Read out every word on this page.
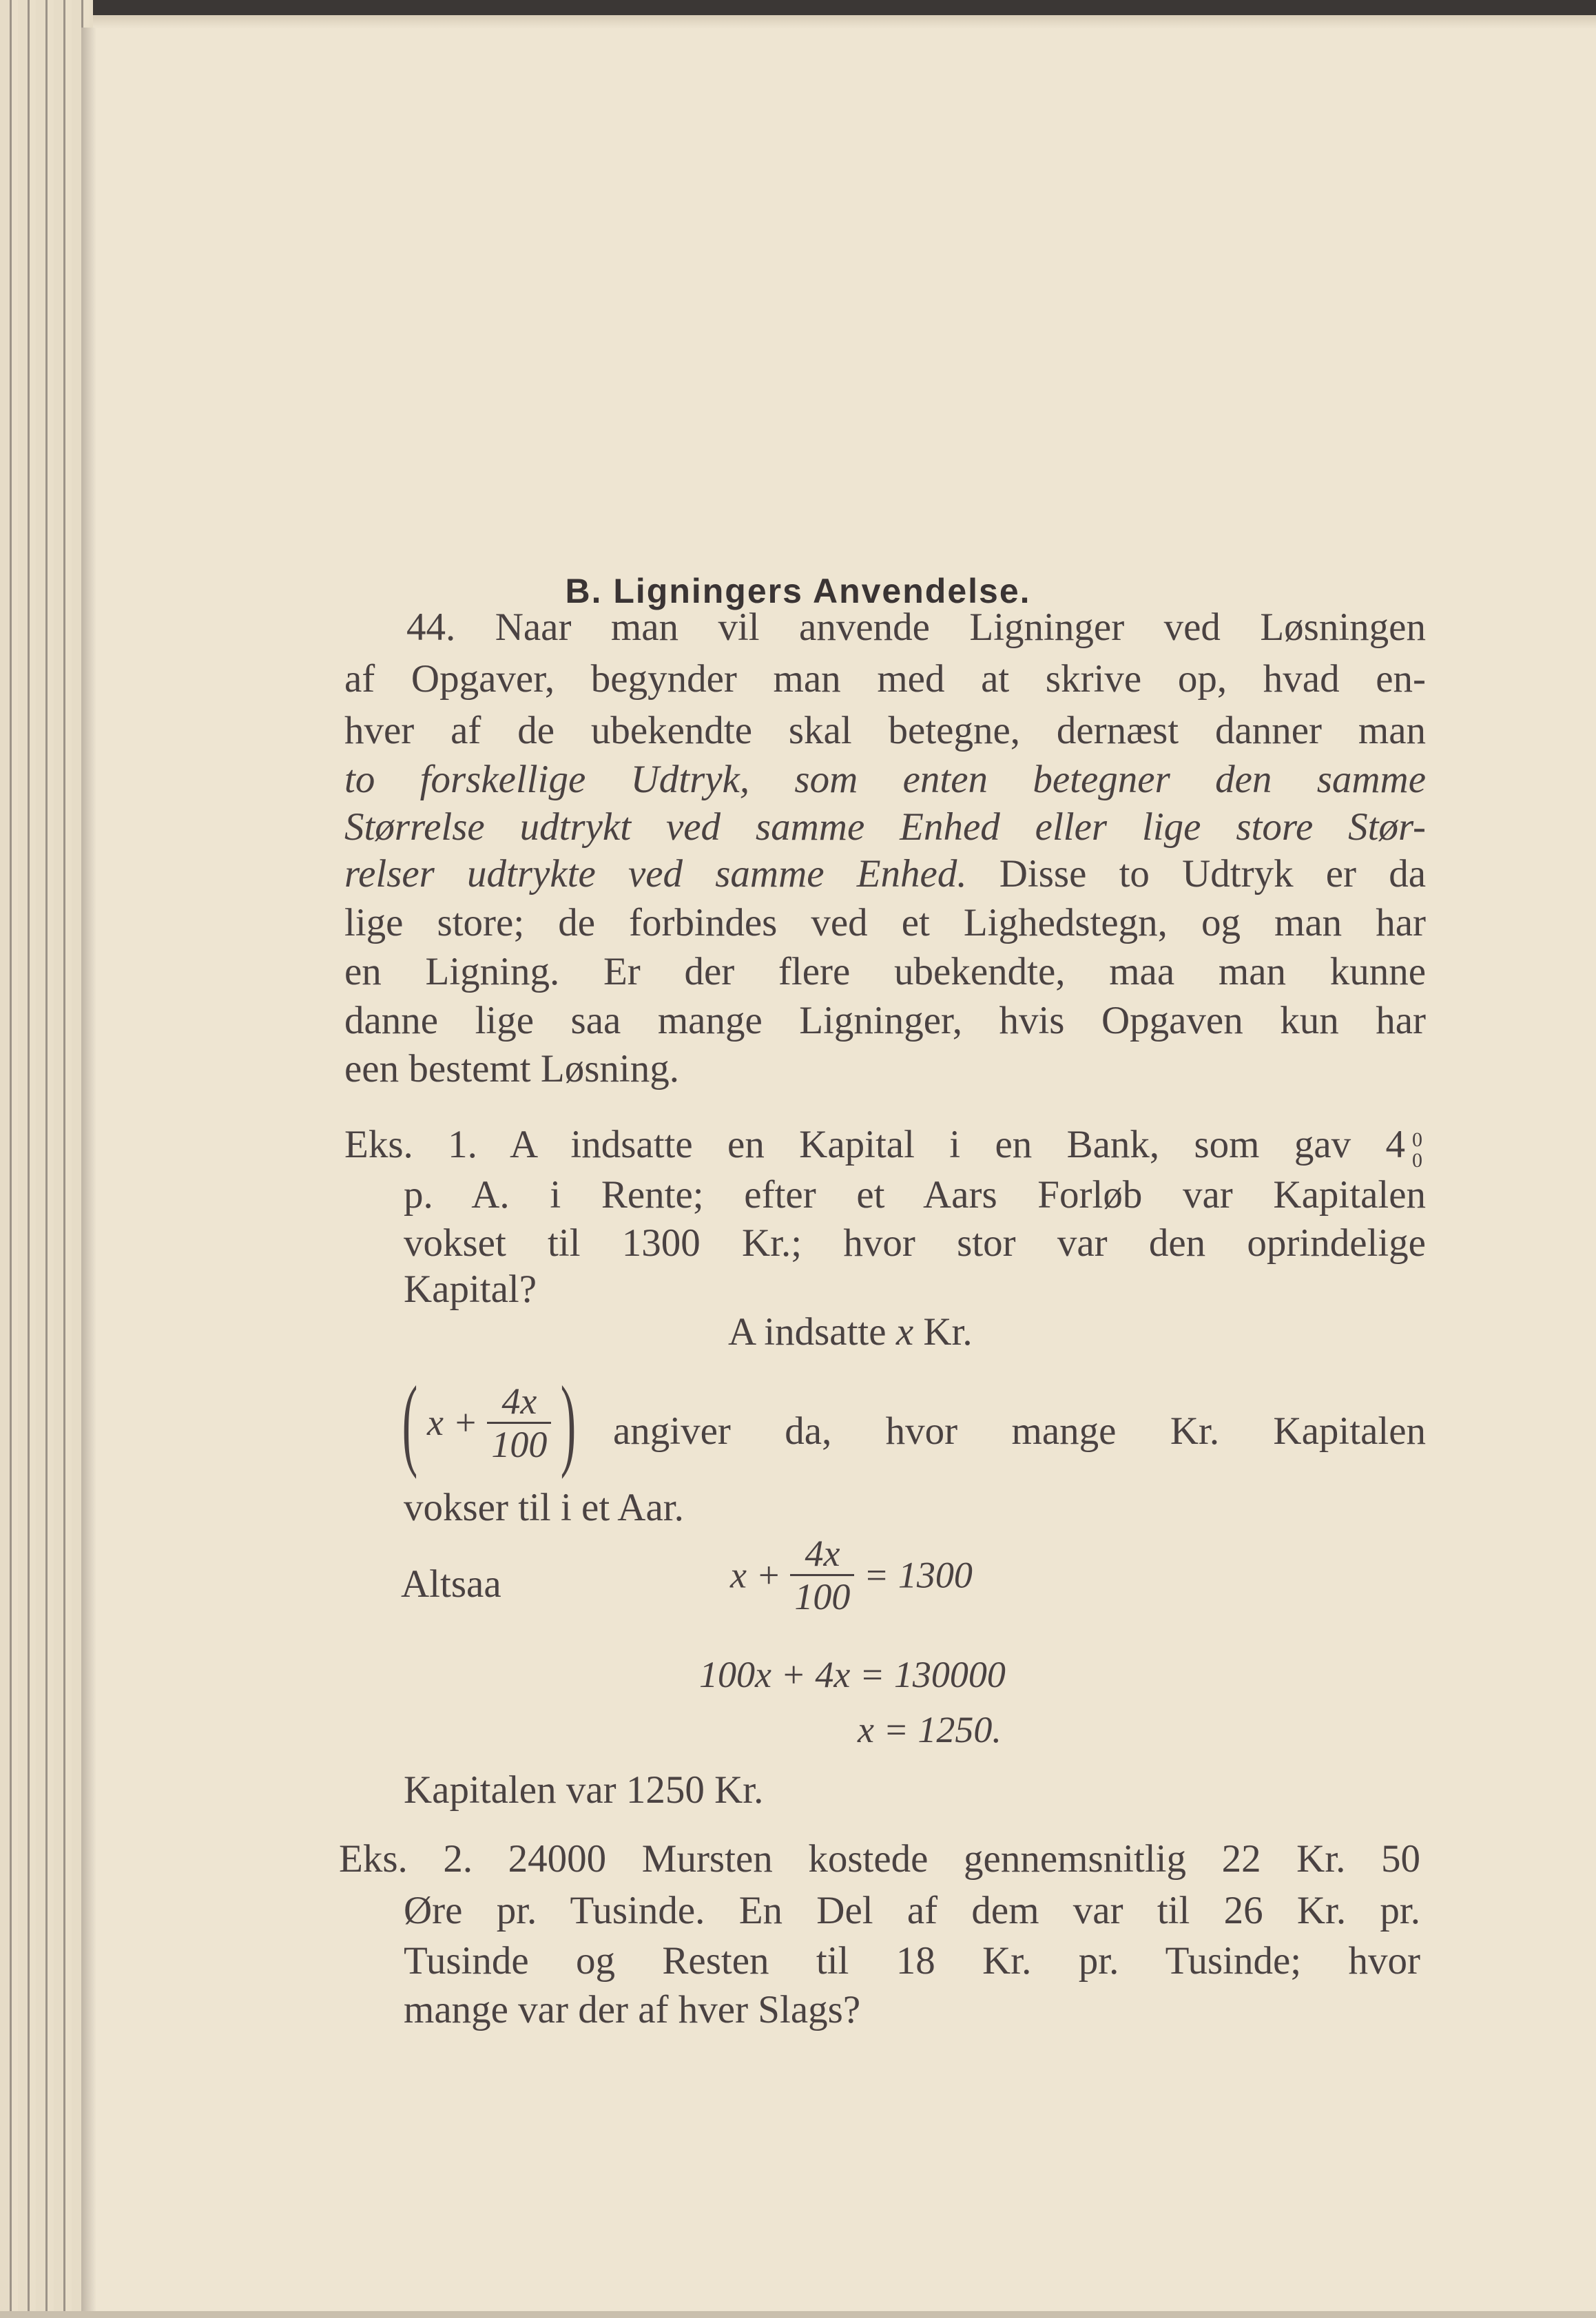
B. Ligningers Anvendelse.
44. Naar man vil anvende Ligninger ved Løsningen
af Opgaver, begynder man med at skrive op, hvad en-
hver af de ubekendte skal betegne, dernæst danner man
to forskellige Udtryk, som enten betegner den samme
Størrelse udtrykt ved samme Enhed eller lige store Stør-
relser udtrykte ved samme Enhed. Disse to Udtryk er da
lige store; de forbindes ved et Lighedstegn, og man har
en Ligning. Er der flere ubekendte, maa man kunne
danne lige saa mange Ligninger, hvis Opgaven kun har
een bestemt Løsning.
Eks. 1. A indsatte en Kapital i en Bank, som gav 4 0
0
p. A. i Rente; efter et Aars Forløb var Kapitalen
vokset til 1300 Kr.; hvor stor var den oprindelige
Kapital?
A indsatte x Kr.
( $x + \frac{4x}{100}$ ) angiver da, hvor mange Kr. Kapitalen
vokser til i et Aar.
Altsaa	$x + \frac{4x}{100} = 1300$
100x + 4x = 130000
x = 1250.
Kapitalen var 1250 Kr.
Eks. 2. 24000 Mursten kostede gennemsnitlig 22 Kr. 50
Øre pr. Tusinde. En Del af dem var til 26 Kr. pr.
Tusinde og Resten til 18 Kr. pr. Tusinde; hvor
mange var der af hver Slags?
